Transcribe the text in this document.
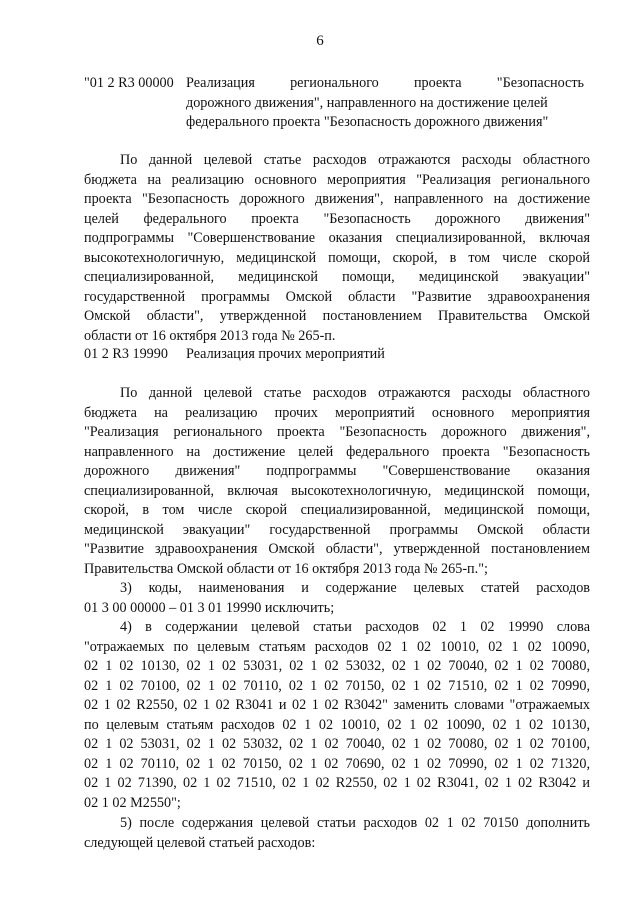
6
"01 2 R3 00000 Реализация регионального проекта "Безопасность
дорожного движения", направленного на достижение целей
федерального проекта "Безопасность дорожного движения"
По данной целевой статье расходов отражаются расходы областного
бюджета на реализацию основного мероприятия "Реализация регионального
проекта "Безопасность дорожного движения", направленного на достижение
целей федерального проекта "Безопасность дорожного движения"
подпрограммы "Совершенствование оказания специализированной, включая
высокотехнологичную, медицинской помощи, скорой, в том числе скорой
специализированной, медицинской помощи, медицинской эвакуации"
государственной программы Омской области "Развитие здравоохранения
Омской области", утвержденной постановлением Правительства Омской
области от 16 октября 2013 года № 265-п.
01 2 R3 19990 Реализация прочих мероприятий
По данной целевой статье расходов отражаются расходы областного
бюджета на реализацию прочих мероприятий основного мероприятия
"Реализация регионального проекта "Безопасность дорожного движения",
направленного на достижение целей федерального проекта "Безопасность
дорожного движения" подпрограммы "Совершенствование оказания
специализированной, включая высокотехнологичную, медицинской помощи,
скорой, в том числе скорой специализированной, медицинской помощи,
медицинской эвакуации" государственной программы Омской области
"Развитие здравоохранения Омской области", утвержденной постановлением
Правительства Омской области от 16 октября 2013 года № 265-п.";
3) коды, наименования и содержание целевых статей расходов
01 3 00 00000 – 01 3 01 19990 исключить;
4) в содержании целевой статьи расходов 02 1 02 19990 слова
"отражаемых по целевым статьям расходов 02 1 02 10010, 02 1 02 10090,
02 1 02 10130, 02 1 02 53031, 02 1 02 53032, 02 1 02 70040, 02 1 02 70080,
02 1 02 70100, 02 1 02 70110, 02 1 02 70150, 02 1 02 71510, 02 1 02 70990,
02 1 02 R2550, 02 1 02 R3041 и 02 1 02 R3042" заменить словами "отражаемых
по целевым статьям расходов 02 1 02 10010, 02 1 02 10090, 02 1 02 10130,
02 1 02 53031, 02 1 02 53032, 02 1 02 70040, 02 1 02 70080, 02 1 02 70100,
02 1 02 70110, 02 1 02 70150, 02 1 02 70690, 02 1 02 70990, 02 1 02 71320,
02 1 02 71390, 02 1 02 71510, 02 1 02 R2550, 02 1 02 R3041, 02 1 02 R3042 и
02 1 02 M2550";
5) после содержания целевой статьи расходов 02 1 02 70150 дополнить
следующей целевой статьей расходов:
